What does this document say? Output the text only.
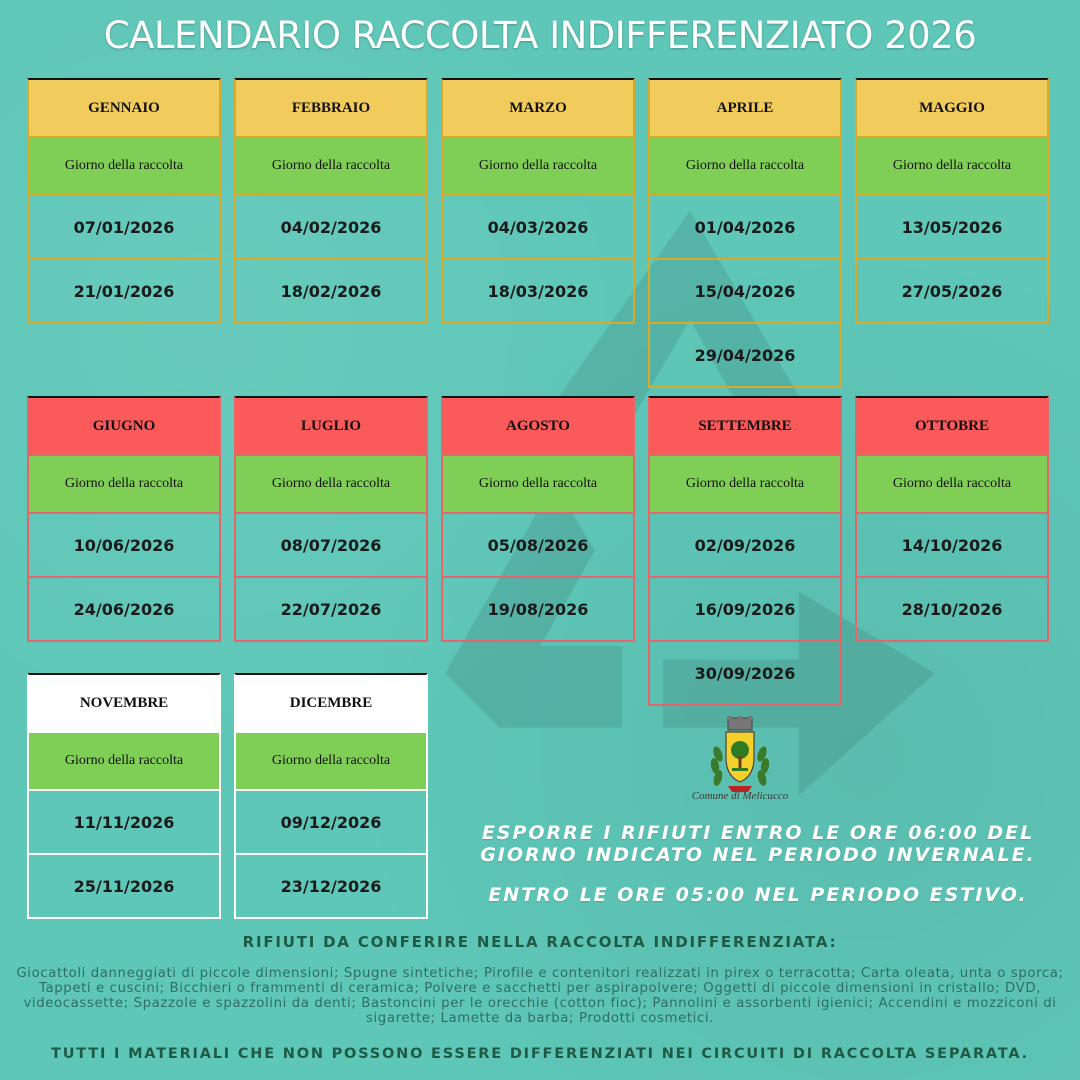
CALENDARIO RACCOLTA INDIFFERENZIATO 2026
GENNAIO
Giorno della raccolta
07/01/2026
21/01/2026
FEBBRAIO
Giorno della raccolta
04/02/2026
18/02/2026
MARZO
Giorno della raccolta
04/03/2026
18/03/2026
APRILE
Giorno della raccolta
01/04/2026
15/04/2026
29/04/2026
MAGGIO
Giorno della raccolta
13/05/2026
27/05/2026
GIUGNO
Giorno della raccolta
10/06/2026
24/06/2026
LUGLIO
Giorno della raccolta
08/07/2026
22/07/2026
AGOSTO
Giorno della raccolta
05/08/2026
19/08/2026
SETTEMBRE
Giorno della raccolta
02/09/2026
16/09/2026
30/09/2026
OTTOBRE
Giorno della raccolta
14/10/2026
28/10/2026
NOVEMBRE
Giorno della raccolta
11/11/2026
25/11/2026
DICEMBRE
Giorno della raccolta
09/12/2026
23/12/2026
Comune di Melicucco
ESPORRE I RIFIUTI ENTRO LE ORE 06:00 DEL GIORNO INDICATO NEL PERIODO INVERNALE.
ENTRO LE ORE 05:00 NEL PERIODO ESTIVO.
RIFIUTI DA CONFERIRE NELLA RACCOLTA INDIFFERENZIATA:
Giocattoli danneggiati di piccole dimensioni; Spugne sintetiche; Pirofile e contenitori realizzati in pirex o terracotta; Carta oleata, unta o sporca; Tappeti e cuscini; Bicchieri o frammenti di ceramica; Polvere e sacchetti per aspirapolvere; Oggetti di piccole dimensioni in cristallo; DVD, videocassette; Spazzole e spazzolini da denti; Bastoncini per le orecchie (cotton fioc); Pannolini e assorbenti igienici; Accendini e mozziconi di sigarette; Lamette da barba; Prodotti cosmetici.
TUTTI I MATERIALI CHE NON POSSONO ESSERE DIFFERENZIATI NEI CIRCUITI DI RACCOLTA SEPARATA.
